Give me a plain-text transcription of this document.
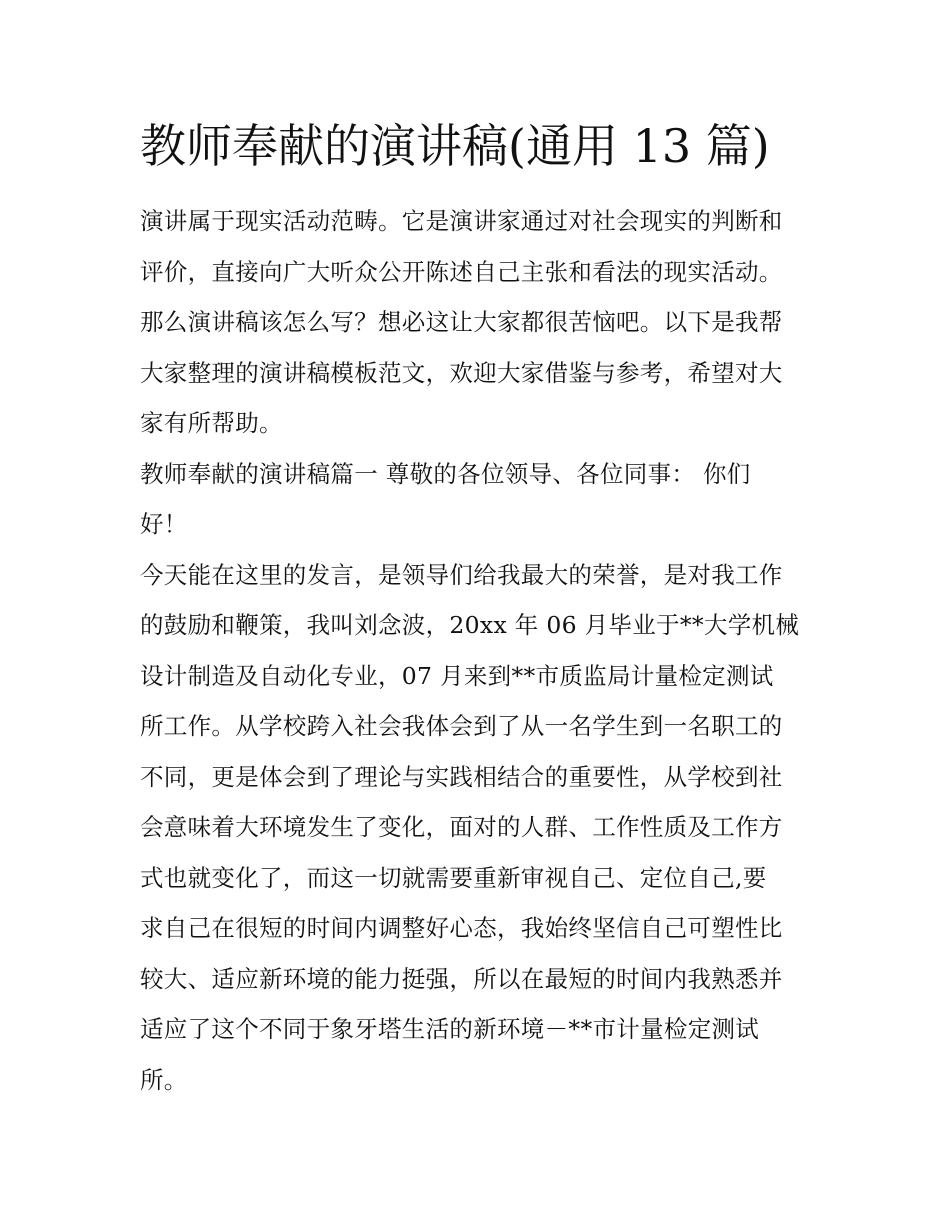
教师奉献的演讲稿(通用 13 篇)
演讲属于现实活动范畴。它是演讲家通过对社会现实的判断和
评价，直接向广大听众公开陈述自己主张和看法的现实活动。
那么演讲稿该怎么写？想必这让大家都很苦恼吧。以下是我帮
大家整理的演讲稿模板范文，欢迎大家借鉴与参考，希望对大
家有所帮助。
教师奉献的演讲稿篇一 尊敬的各位领导、各位同事： 你们
好！
今天能在这里的发言，是领导们给我最大的荣誉，是对我工作
的鼓励和鞭策，我叫刘念波，20xx 年 06 月毕业于**大学机械
设计制造及自动化专业，07 月来到**市质监局计量检定测试
所工作。从学校跨入社会我体会到了从一名学生到一名职工的
不同，更是体会到了理论与实践相结合的重要性，从学校到社
会意味着大环境发生了变化，面对的人群、工作性质及工作方
式也就变化了，而这一切就需要重新审视自己、定位自己,要
求自己在很短的时间内调整好心态，我始终坚信自己可塑性比
较大、适应新环境的能力挺强，所以在最短的时间内我熟悉并
适应了这个不同于象牙塔生活的新环境－**市计量检定测试
所。
